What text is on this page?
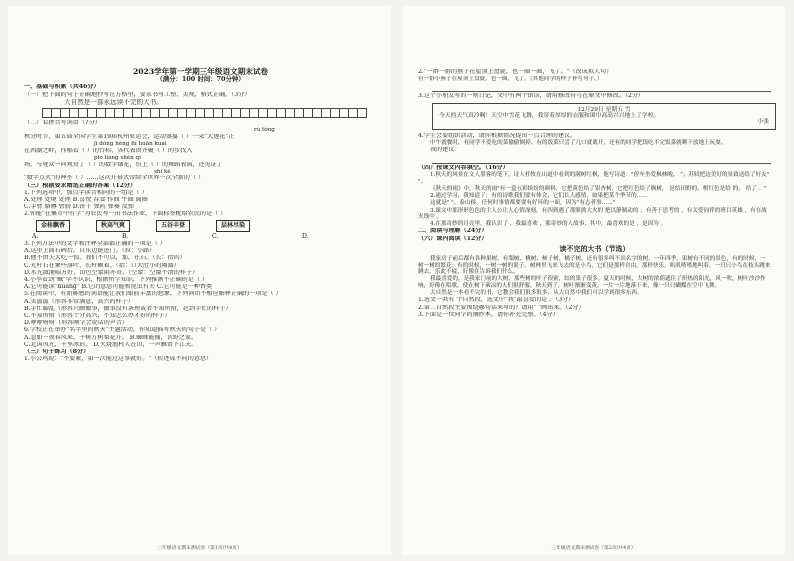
2023学年第一学期三年级语文期末试卷
（满分：100 时间：70分钟）
一、基础与积累（共46分）
（一）把下面的句子正确地抄写在方格里，要求书写工整、美观，格式正确。（3分）
大自然是一部永远读不完的大书。
（二）看拼音写词语（7分）
rú tóng
秋分时节，第五届全国学生第19届杭州亚运会，运动盛宴（ ）一朵"大莲花"正
jī dòng héng fú huān kuài
在西湖之畔，作稻看（ ）的台标，各代表团齐聚（ ）的步伐入
pīo liàng shén qí
场，与观众一同观赏了（ ）的数字烟花，仿上（ ）的舞蹈表演，还见证了
shí kè
"数字点火"的神圣（ ）……这次开幕式带给全世界一次全新的（ ）
（三）根据要求精选正确的答案（12分）
1.下列选项中，加点字读音相同的一组是（ ）
A.处理 处境 处理 B.喜悦 吞食 作曲 牛圈 圆圈
C.手臂 胳膊 臂膀 D.饼干 弹药 弹奏 反弹
2.你能"在集市中有学"为农民写一出书法作业，下面标签配给农民的是（ ）
金桂飘香	秋高气爽	五谷丰登	层林尽染
A.	B.	C.	D.
3.下列方法中的文字和注释全部都正确的一项是（ ）
A.这里上面石碑后，自东边挺进门。（拉：小路）
B.他不由夫大吃一惊，我们不可以，那，在石。（长：指的）
C.光杆石在象些落叶，长杆飘着。（指：口大肚小的陶器）
D.水光潋滟晴方好，山色空蒙雨亦奇。（空蒙：空濛不清的样子）
4.小李看到"蜮"字不认识，根据所学知识，下列推测不正确的是（ ）
A.它可能读"huáng" B.它的意思可能和昆虫有关 C.它可能是一种香类
5.在阅读中，有新鲜感的词语能让我们眼前丰富的想象，下列词语不相应解释正确的一项是（ ）
A.美滋滋（形容非常满意、高兴的样子）
B.手忙脚乱（形容只顾做事，做事没有条理或者不知所措，赶到手忙的样子）
C.不知所措（形容十分高兴，不知怎么办才好的样子）
D.咿咿呀呀（形容刚学会说话的声音）
6.学校正在举办"名字里的秋天"主题活动，你知道描写秋天的句子是（ ）
A.忽如一夜春风来，千树万树梨花开。 B.蜘蛛能捕，昔野之家。
C.北国风光，千里冰封。 D.火烧渔村人在山，一声雁语下江天。
（三）句子练习（8分）
1.小公鸡说："不要紧，第一次能过这事就好。"（转述成不同的意思）
三年级语文期末测试卷（第1页/共4页）
2."一群一群的燕子在屋顶上盘旋，也一圈一圈，飞了。"（改成拟人句）
有一群小燕子在屋顶上盘旋，也一圈，飞了。（其他同学的样子补写句子。）
3.这个小朋友写的一则日记，文中有两个错误，请用修改符号在原文中修改。（2分）
12月29日 星期五 雪
今天的天气真冷啊！天空中雪花飞舞，我穿着厚厚的衣服和围巾高高兴兴地上了学校。
小张
4.学生会要组织活动，请你根据情况提出一点合理的建议。
中午就餐时，有同学不爱吃的菜偷偷倒掉、有的饭菜只尝了几口就离开，还有的同学把饭吃不完饭菜就剩下放地上玩耍。
我的建议：
（四）按课文内容填空。（16分）
1.秋天的风景在文人墨客的笔下，诗人杜牧在山道中看到的满树红枫，他写诗道："停车坐爱枫林晚， "；苏轼把这美好的景致送给了好友" "。
《秋天的雨》中，秋天的雨"有一盒五彩缤纷的颜料，它把黄色给了银杏树，它把红色给了枫树， 是给田野的，橙红色是给 的， 给了 。"
2.通过学习，我知道了：有的诗歌我们要有体会，它们长人感情，如果把某个季节的……
这就是" "。泰山移，任何时事情都要要有好坏的一面，因为"有志者事……"
3.课文中那形形色色的主人公让人心情深刻，有四到遇了那熊熊大火的 把以静制动的 ；有善于思考的 ，有关爱同伴的班目英雄 ，有在战火线中 。
4.在那奇妙的月亮里，我认识了 ，我最喜欢 ，那奇妙的人故事，其中，最喜欢的是 ，是因为 。
二、阅读与理解（24分）
（六）课内阅读（12分）
读不完的大书（节选）
我家房子前后都有各种果树，有梨树、桃树、柿子树、橘子树，还有很多叫不出名字的树。一年四季，果树有不同的景色，有的时候，一树一树的繁花；有的时候，一树一树的果子。树林里飞来飞去的是小鸟，它们是那样自由，那样快乐，叽叽喳喳地叫着。一只只小鸟在枝头跳来跳去，乐此不疲，好像在告诉我们什么。
我最喜爱的，是我家门前的大树，那些树的叶子很密，结的果子很多。夏天的时候，大树的浓荫遮住了炽热的阳光，风一吹，树叶沙沙作响，好像在唱歌，使在树下乘凉的人们很舒服。秋天到了，树叶渐渐变黄，一片一片地落下来，像一只只蝴蝶在空中飞舞。
大自然是一本看不完的书，它教会我们很多很多，从大自然中我们可以学到很多东西。
1.选文一共有 个自然段，选文中"我"最喜爱的是 。（3分）
2.第二自然段主要围绕哪句话来写的？请用" "画出来。（2分）
3.下面是一位同学的摘抄本，请你补充完整。（4分）
三年级语文期末测试卷（第2页/共4页）
